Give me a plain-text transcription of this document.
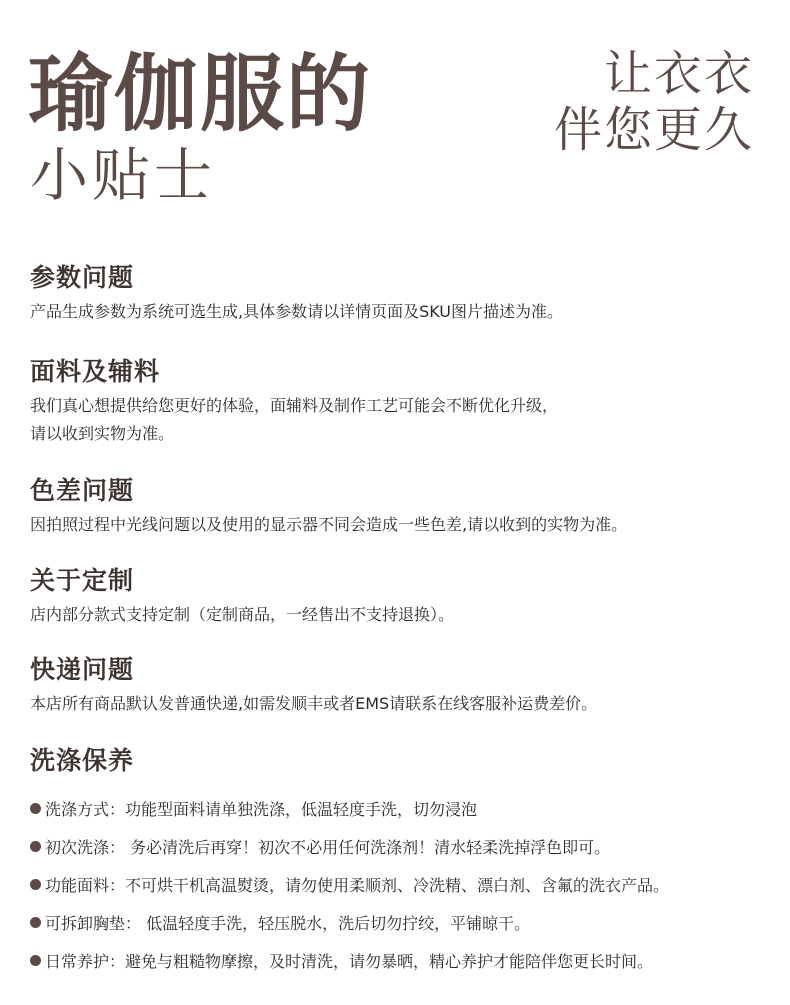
瑜伽服的
小贴士
让衣衣
伴您更久
参数问题

产品生成参数为系统可选生成,具体参数请以详情页面及SKU图片描述为准。

面料及辅料

我们真心想提供给您更好的体验，面辅料及制作工艺可能会不断优化升级，
请以收到实物为准。

色差问题

因拍照过程中光线问题以及使用的显示器不同会造成一些色差,请以收到的实物为准。

关于定制

店内部分款式支持定制（定制商品，一经售出不支持退换）。

快递问题

本店所有商品默认发普通快递,如需发顺丰或者EMS请联系在线客服补运费差价。

洗涤保养
洗涤方式：功能型面料请单独洗涤，低温轻度手洗，切勿浸泡
初次洗涤： 务必清洗后再穿！初次不必用任何洗涤剂！清水轻柔洗掉浮色即可。
功能面料：不可烘干机高温熨烫，请勿使用柔顺剂、冷洗精、漂白剂、含氟的洗衣产品。
可拆卸胸垫： 低温轻度手洗，轻压脱水，洗后切勿拧绞，平铺晾干。
日常养护：避免与粗糙物摩擦，及时清洗，请勿暴晒，精心养护才能陪伴您更长时间。
